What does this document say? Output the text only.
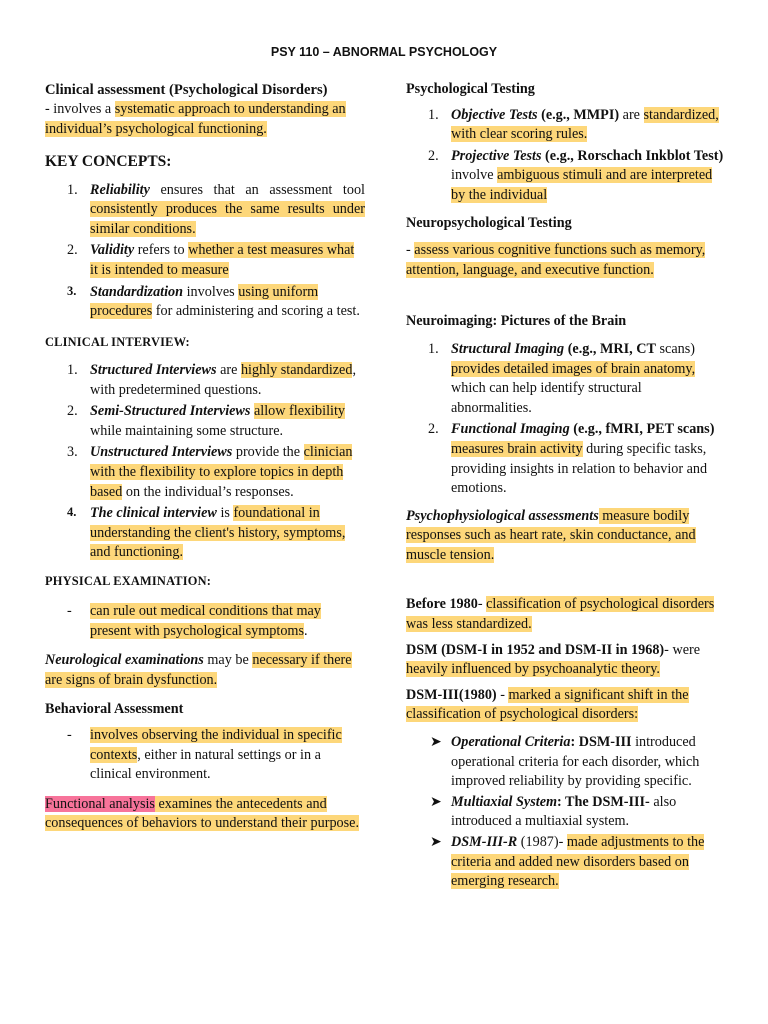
PSY 110 – ABNORMAL PSYCHOLOGY

Clinical assessment (Psychological Disorders)

- involves a systematic approach to understanding an individual’s psychological functioning.

KEY CONCEPTS:

1. Reliability ensures that an assessment tool consistently produces the same results under similar conditions.
2. Validity refers to whether a test measures what it is intended to measure
3. Standardization involves using uniform procedures for administering and scoring a test.

CLINICAL INTERVIEW:

1. Structured Interviews are highly standardized, with predetermined questions.
2. Semi-Structured Interviews allow flexibility while maintaining some structure.
3. Unstructured Interviews provide the clinician with the flexibility to explore topics in depth based on the individual’s responses.
4. The clinical interview is foundational in understanding the client's history, symptoms, and functioning.

PHYSICAL EXAMINATION:

- can rule out medical conditions that may present with psychological symptoms.

Neurological examinations may be necessary if there are signs of brain dysfunction.

Behavioral Assessment

- involves observing the individual in specific contexts, either in natural settings or in a clinical environment.

Functional analysis examines the antecedents and consequences of behaviors to understand their purpose.

Psychological Testing

1. Objective Tests (e.g., MMPI) are standardized, with clear scoring rules.
2. Projective Tests (e.g., Rorschach Inkblot Test) involve ambiguous stimuli and are interpreted by the individual

Neuropsychological Testing

- assess various cognitive functions such as memory, attention, language, and executive function.

Neuroimaging: Pictures of the Brain

1. Structural Imaging (e.g., MRI, CT scans) provides detailed images of brain anatomy, which can help identify structural abnormalities.
2. Functional Imaging (e.g., fMRI, PET scans) measures brain activity during specific tasks, providing insights in relation to behavior and emotions.

Psychophysiological assessments measure bodily responses such as heart rate, skin conductance, and muscle tension.

Before 1980- classification of psychological disorders was less standardized.

DSM (DSM-I in 1952 and DSM-II in 1968)- were heavily influenced by psychoanalytic theory.

DSM-III(1980) - marked a significant shift in the classification of psychological disorders:

➤ Operational Criteria: DSM-III introduced operational criteria for each disorder, which improved reliability by providing specific.
➤ Multiaxial System: The DSM-III- also introduced a multiaxial system.
➤ DSM-III-R (1987)- made adjustments to the criteria and added new disorders based on emerging research.
